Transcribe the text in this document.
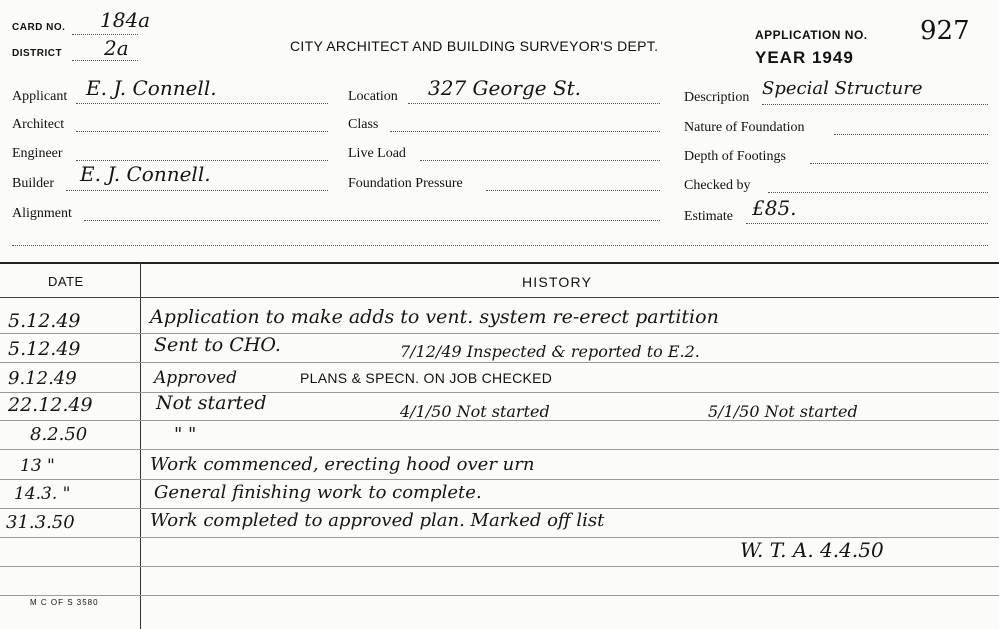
CARD NO. 184a
DISTRICT 2a	CITY ARCHITECT AND BUILDING SURVEYOR'S DEPT.
APPLICATION NO. 927
YEAR 1949
Applicant E. J. Connell.
Architect
Engineer
Builder E. J. Connell.
Alignment
Location 327 George St.
Class
Live Load
Foundation Pressure
Description Special Structure
Nature of Foundation
Depth of Footings
Checked by
Estimate £85.
DATE	HISTORY
5.12.49	Application to make adds to vent. system re-erect partition
5.12.49	Sent to CHO.	7/12/49 Inspected & reported to E.2.
9.12.49	Approved	PLANS & SPECN. ON JOB CHECKED
22.12.49	Not started	4/1/50 Not started	5/1/50 Not started
8.2.50	" "
13 "	Work commenced, erecting hood over urn
14.3. "	General finishing work to complete.
31.3.50	Work completed to approved plan. Marked off list
W. T. A. 4.4.50
M C OF S 3580
